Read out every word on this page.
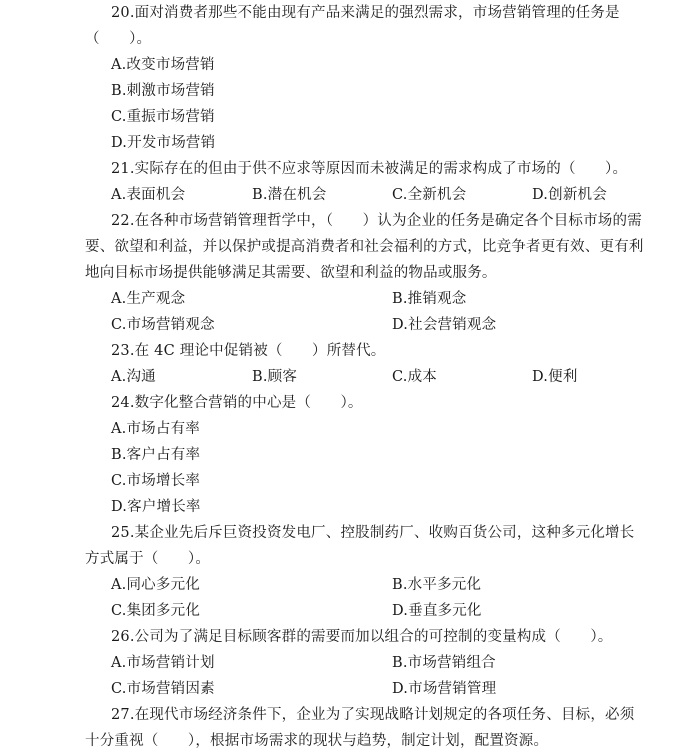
20.面对消费者那些不能由现有产品来满足的强烈需求，市场营销管理的任务是
（　　）。
A.改变市场营销
B.刺激市场营销
C.重振市场营销
D.开发市场营销
21.实际存在的但由于供不应求等原因而未被满足的需求构成了市场的（　　）。
A.表面机会	B.潜在机会	C.全新机会	D.创新机会
22.在各种市场营销管理哲学中，（　　）认为企业的任务是确定各个目标市场的需
要、欲望和利益，并以保护或提高消费者和社会福利的方式，比竞争者更有效、更有利
地向目标市场提供能够满足其需要、欲望和利益的物品或服务。
A.生产观念	B.推销观念
C.市场营销观念	D.社会营销观念
23.在 4C 理论中促销被（　　）所替代。
A.沟通	B.顾客	C.成本	D.便利
24.数字化整合营销的中心是（　　）。
A.市场占有率
B.客户占有率
C.市场增长率
D.客户增长率
25.某企业先后斥巨资投资发电厂、控股制药厂、收购百货公司，这种多元化增长
方式属于（　　）。
A.同心多元化	B.水平多元化
C.集团多元化	D.垂直多元化
26.公司为了满足目标顾客群的需要而加以组合的可控制的变量构成（　　）。
A.市场营销计划	B.市场营销组合
C.市场营销因素	D.市场营销管理
27.在现代市场经济条件下，企业为了实现战略计划规定的各项任务、目标，必须
十分重视（　　），根据市场需求的现状与趋势，制定计划，配置资源。
